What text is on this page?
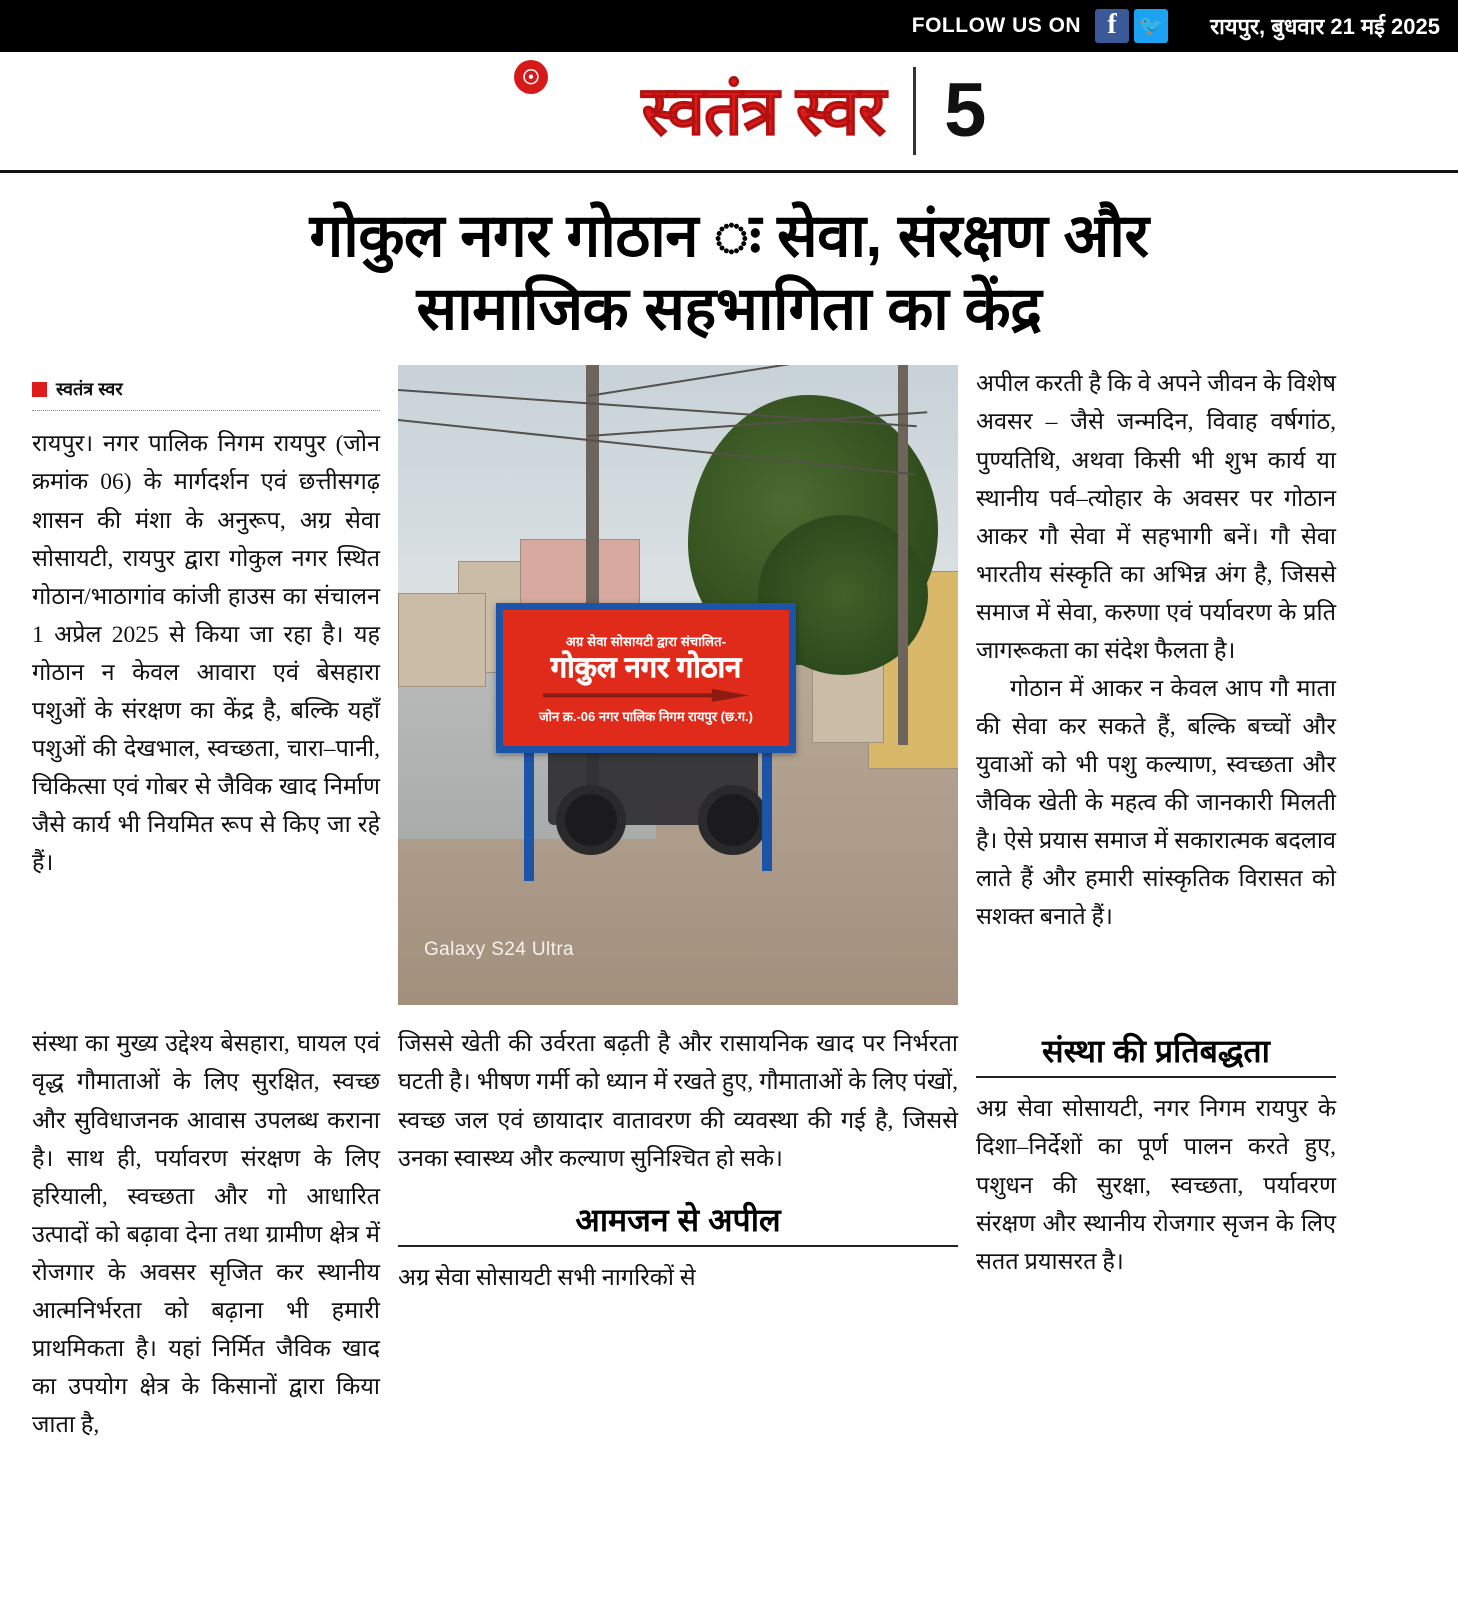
FOLLOW US ON f 🐦 रायपुर, बुधवार 21 मई 2025
☉ स्वतंत्र स्वर 5
गोकुल नगर गोठान ः सेवा, संरक्षण और
सामाजिक सहभागिता का केंद्र
स्वतंत्र स्वर

रायपुर। नगर पालिक निगम रायपुर (जोन क्रमांक 06) के मार्गदर्शन एवं छत्तीसगढ़ शासन की मंशा के अनुरूप, अग्र सेवा सोसायटी, रायपुर द्वारा गोकुल नगर स्थित गोठान/भाठागांव कांजी हाउस का संचालन 1 अप्रेल 2025 से किया जा रहा है। यह गोठान न केवल आवारा एवं बेसहारा पशुओं के संरक्षण का केंद्र है, बल्कि यहाँ पशुओं की देखभाल, स्वच्छता, चारा–पानी, चिकित्सा एवं गोबर से जैविक खाद निर्माण जैसे कार्य भी नियमित रूप से किए जा रहे हैं।

अग्र सेवा सोसायटी द्वारा संचालित-
गोकुल नगर गोठान
जोन क्र.-06 नगर पालिक निगम रायपुर (छ.ग.)
Galaxy S24 Ultra

अपील करती है कि वे अपने जीवन के विशेष अवसर – जैसे जन्मदिन, विवाह वर्षगांठ, पुण्यतिथि, अथवा किसी भी शुभ कार्य या स्थानीय पर्व–त्योहार के अवसर पर गोठान आकर गौ सेवा में सहभागी बनें। गौ सेवा भारतीय संस्कृति का अभिन्न अंग है, जिससे समाज में सेवा, करुणा एवं पर्यावरण के प्रति जागरूकता का संदेश फैलता है।

गोठान में आकर न केवल आप गौ माता की सेवा कर सकते हैं, बल्कि बच्चों और युवाओं को भी पशु कल्याण, स्वच्छता और जैविक खेती के महत्व की जानकारी मिलती है। ऐसे प्रयास समाज में सकारात्मक बदलाव लाते हैं और हमारी सांस्कृतिक विरासत को सशक्त बनाते हैं।

संस्था का मुख्य उद्देश्य बेसहारा, घायल एवं वृद्ध गौमाताओं के लिए सुरक्षित, स्वच्छ और सुविधाजनक आवास उपलब्ध कराना है। साथ ही, पर्यावरण संरक्षण के लिए हरियाली, स्वच्छता और गो आधारित उत्पादों को बढ़ावा देना तथा ग्रामीण क्षेत्र में रोजगार के अवसर सृजित कर स्थानीय आत्मनिर्भरता को बढ़ाना भी हमारी प्राथमिकता है। यहां निर्मित जैविक खाद का उपयोग क्षेत्र के किसानों द्वारा किया जाता है,

जिससे खेती की उर्वरता बढ़ती है और रासायनिक खाद पर निर्भरता घटती है। भीषण गर्मी को ध्यान में रखते हुए, गौमाताओं के लिए पंखों, स्वच्छ जल एवं छायादार वातावरण की व्यवस्था की गई है, जिससे उनका स्वास्थ्य और कल्याण सुनिश्चित हो सके।

आमजन से अपील

अग्र सेवा सोसायटी सभी नागरिकों से

संस्था की प्रतिबद्धता

अग्र सेवा सोसायटी, नगर निगम रायपुर के दिशा–निर्देशों का पूर्ण पालन करते हुए, पशुधन की सुरक्षा, स्वच्छता, पर्यावरण संरक्षण और स्थानीय रोजगार सृजन के लिए सतत प्रयासरत है।
